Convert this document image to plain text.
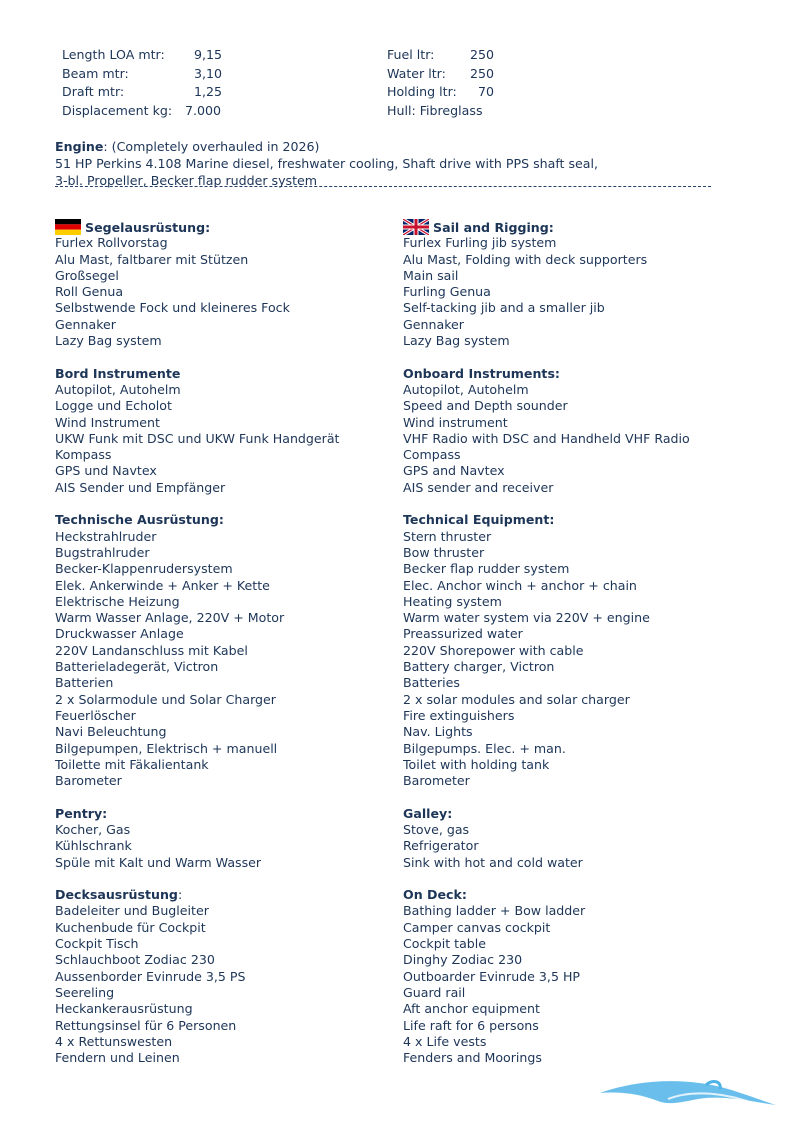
Length LOA mtr: 9,15
Beam mtr:	3,10
Draft mtr:	1,25
Displacement kg: 7.000
Fuel ltr:	250
Water ltr: 250
Holding ltr: 70
Hull: Fibreglass
Engine: (Completely overhauled in 2026)
51 HP Perkins 4.108 Marine diesel, freshwater cooling, Shaft drive with PPS shaft seal,
3-bl. Propeller, Becker flap rudder system
Segelausrüstung:
Furlex Rollvorstag
Alu Mast, faltbarer mit Stützen
Großsegel
Roll Genua
Selbstwende Fock und kleineres Fock
Gennaker
Lazy Bag system
Bord Instrumente
Autopilot, Autohelm
Logge und Echolot
Wind Instrument
UKW Funk mit DSC und UKW Funk Handgerät
Kompass
GPS und Navtex
AIS Sender und Empfänger
Technische Ausrüstung:
Heckstrahlruder
Bugstrahlruder
Becker-Klappenrudersystem
Elek. Ankerwinde + Anker + Kette
Elektrische Heizung
Warm Wasser Anlage, 220V + Motor
Druckwasser Anlage
220V Landanschluss mit Kabel
Batterieladegerät, Victron
Batterien
2 x Solarmodule und Solar Charger
Feuerlöscher
Navi Beleuchtung
Bilgepumpen, Elektrisch + manuell
Toilette mit Fäkalientank
Barometer
Pentry:
Kocher, Gas
Kühlschrank
Spüle mit Kalt und Warm Wasser
Decksausrüstung:
Badeleiter und Bugleiter
Kuchenbude für Cockpit
Cockpit Tisch
Schlauchboot Zodiac 230
Aussenborder Evinrude 3,5 PS
Seereling
Heckankerausrüstung
Rettungsinsel für 6 Personen
4 x Rettunswesten
Fendern und Leinen
Sail and Rigging:
Furlex Furling jib system
Alu Mast, Folding with deck supporters
Main sail
Furling Genua
Self-tacking jib and a smaller jib
Gennaker
Lazy Bag system
Onboard Instruments:
Autopilot, Autohelm
Speed and Depth sounder
Wind instrument
VHF Radio with DSC and Handheld VHF Radio
Compass
GPS and Navtex
AIS sender and receiver
Technical Equipment:
Stern thruster
Bow thruster
Becker flap rudder system
Elec. Anchor winch + anchor + chain
Heating system
Warm water system via 220V + engine
Preassurized water
220V Shorepower with cable
Battery charger, Victron
Batteries
2 x solar modules and solar charger
Fire extinguishers
Nav. Lights
Bilgepumps. Elec. + man.
Toilet with holding tank
Barometer
Galley:
Stove, gas
Refrigerator
Sink with hot and cold water
On Deck:
Bathing ladder + Bow ladder
Camper canvas cockpit
Cockpit table
Dinghy Zodiac 230
Outboarder Evinrude 3,5 HP
Guard rail
Aft anchor equipment
Life raft for 6 persons
4 x Life vests
Fenders and Moorings
